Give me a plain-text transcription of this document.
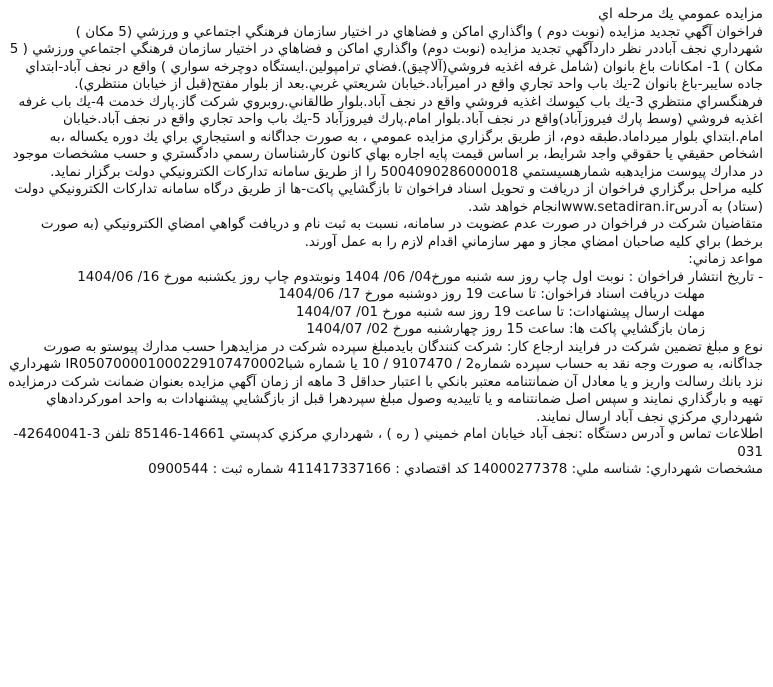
مزايده عمومي يك مرحله اي

فراخوان آگهي تجديد مزايده (نوبت دوم ) واگذاري اماكن و فضاهاي در اختيار سازمان فرهنگي اجتماعي و ورزشي (5 مكان )

شهرداري نجف آباددر نظر داردآگهي تجديد مزايده (نوبت دوم) واگذاري اماكن و فضاهاي در اختيار سازمان فرهنگي اجتماعي ورزشي ( 5 مكان ) 1- امكانات باغ بانوان (شامل غرفه اغذيه فروشي(آلاچيق).فضاي ترامپولين.ايستگاه دوچرخه سواري ) واقع در نجف آباد-ابتداي جاده سايبر-باغ بانوان 2-يك باب واحد تجاري واقع در اميرآباد.خيابان شريعتي غربي.بعد از بلوار مفتح(قبل از خيابان منتظري). فرهنگسراي منتظري 3-يك باب كيوسك اغذيه فروشي واقع در نجف آباد.بلوار طالقاني.روبروي شركت گاز.پارك خدمت 4-يك باب غرفه اغذيه فروشي (وسط پارك فيروزآباد)واقع در نجف آباد.بلوار امام.پارك فيروزآباد 5-يك باب واحد تجاري واقع در نجف آباد.خيابان امام.ابتداي بلوار ميرداماد.طبقه دوم، از طريق برگزاري مزايده عمومي ، به صورت جداگانه و استيجاري براي يك دوره يكساله ،به اشخاص حقيقي يا حقوقي واجد شرايط، بر اساس قيمت پايه اجاره بهاي كانون كارشناسان رسمي دادگستري و حسب مشخصات موجود در مدارك پيوست مزايدهبه شمارهسيستمي 5004090286000018 را از طريق سامانه تداركات الكترونيكي دولت برگزار نمايد.

كليه مراحل برگزاري فراخوان از دريافت و تحويل اسناد فراخوان تا بازگشايي پاكت-ها از طريق درگاه سامانه تداركات الكترونيكي دولت (ستاد) به آدرسwww.setadiran.irانجام خواهد شد.

متقاضيان شركت در فراخوان در صورت عدم عضويت در سامانه، نسبت به ثبت نام و دريافت گواهي امضاي الكترونيكي (به صورت برخط) براي كليه صاحبان امضاي مجاز و مهر سازماني اقدام لازم را به عمل آورند.

مواعد زماني:

- تاريخ انتشار فراخوان : نوبت اول چاپ روز سه شنبه مورخ04/ 06/ 1404 ونوبتدوم چاپ روز يكشنبه مورخ 16/ 1404/06

مهلت دريافت اسناد فراخوان: تا ساعت 19 روز دوشنبه مورخ 17/ 1404/06

مهلت ارسال پيشنهادات: تا ساعت 19 روز سه شنبه مورخ 01/ 1404/07

زمان بازگشايي پاكت ها: ساعت 15 روز چهارشنبه مورخ 02/ 1404/07

نوع و مبلغ تضمين شركت در فرايند ارجاع كار: شركت كنندگان بايدمبلغ سپرده شركت در مزايدهرا حسب مدارك پيوستو به صورت جداگانه، به صورت وجه نقد به حساب سپرده شماره2 / 9107470 / 10 يا شماره شباIR050700001000229107470002 شهرداري نزد بانك رسالت واريز و يا معادل آن ضمانتنامه معتبر بانكي با اعتبار حداقل 3 ماهه از زمان آگهي مزايده بعنوان ضمانت شركت درمزايده تهيه و بارگذاري نمايند و سپس اصل ضمانتنامه و يا تاييديه وصول مبلغ سپردهرا قبل از بازگشايي پيشنهادات به واحد اموركردادهاي شهرداري مركزي نجف آباد ارسال نمايند.

اطلاعات تماس و آدرس دستگاه :نجف آباد خيابان امام خميني ( ره ) ، شهرداري مركزي كدپستي 14661-85146 تلفن 3-42640041-031

مشخصات شهرداري: شناسه ملي: 14000277378 كد اقتصادي : 411417337166 شماره ثبت : 0900544
